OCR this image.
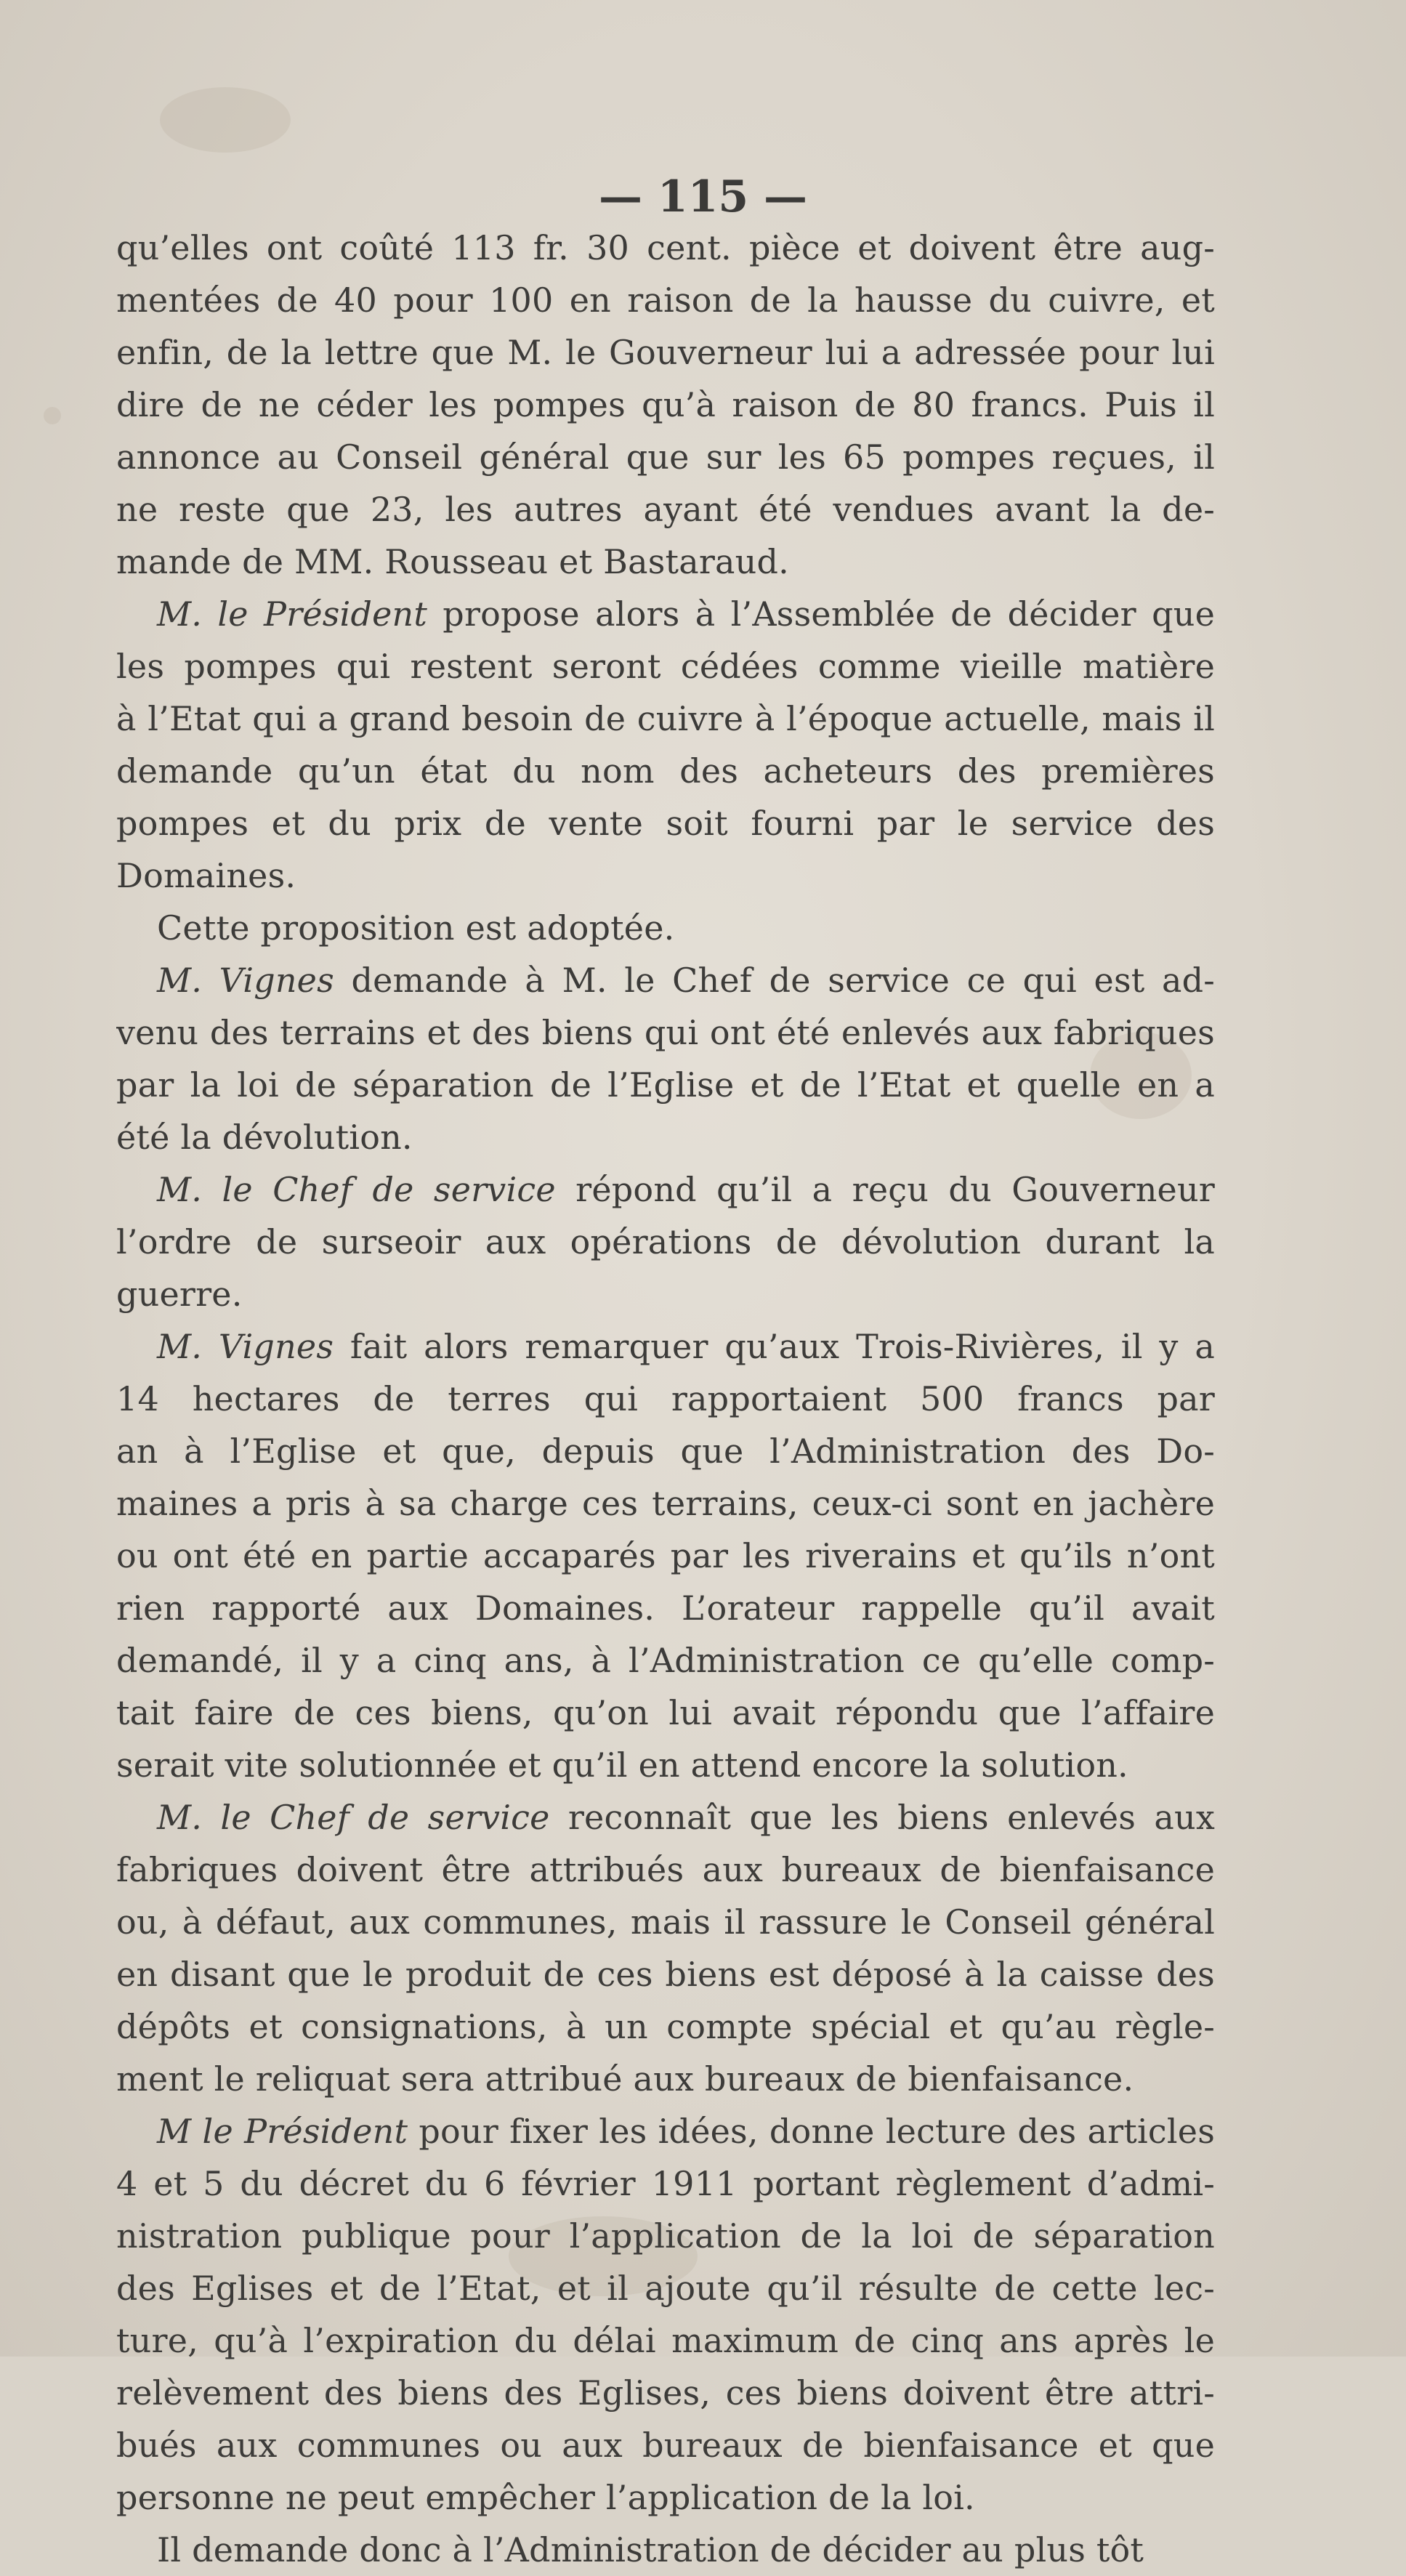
— 115 —
qu’elles ont coûté 113 fr. 30 cent. pièce et doivent être aug-
mentées de 40 pour 100 en raison de la hausse du cuivre, et
enfin, de la lettre que M. le Gouverneur lui a adressée pour lui
dire de ne céder les pompes qu’à raison de 80 francs. Puis il
annonce au Conseil général que sur les 65 pompes reçues, il
ne reste que 23, les autres ayant été vendues avant la de-
mande de MM. Rousseau et Bastaraud.
M. le Président propose alors à l’Assemblée de décider que
les pompes qui restent seront cédées comme vieille matière
à l’Etat qui a grand besoin de cuivre à l’époque actuelle, mais il
demande qu’un état du nom des acheteurs des premières
pompes et du prix de vente soit fourni par le service des
Domaines.
Cette proposition est adoptée.
M. Vignes demande à M. le Chef de service ce qui est ad-
venu des terrains et des biens qui ont été enlevés aux fabriques
par la loi de séparation de l’Eglise et de l’Etat et quelle en a
été la dévolution.
M. le Chef de service répond qu’il a reçu du Gouverneur
l’ordre de surseoir aux opérations de dévolution durant la
guerre.
M. Vignes fait alors remarquer qu’aux Trois-Rivières, il y a
14 hectares de terres qui rapportaient 500 francs par
an à l’Eglise et que, depuis que l’Administration des Do-
maines a pris à sa charge ces terrains, ceux-ci sont en jachère
ou ont été en partie accaparés par les riverains et qu’ils n’ont
rien rapporté aux Domaines. L’orateur rappelle qu’il avait
demandé, il y a cinq ans, à l’Administration ce qu’elle comp-
tait faire de ces biens, qu’on lui avait répondu que l’affaire
serait vite solutionnée et qu’il en attend encore la solution.
M. le Chef de service reconnaît que les biens enlevés aux
fabriques doivent être attribués aux bureaux de bienfaisance
ou, à défaut, aux communes, mais il rassure le Conseil général
en disant que le produit de ces biens est déposé à la caisse des
dépôts et consignations, à un compte spécial et qu’au règle-
ment le reliquat sera attribué aux bureaux de bienfaisance.
M le Président pour fixer les idées, donne lecture des articles
4 et 5 du décret du 6 février 1911 portant règlement d’admi-
nistration publique pour l’application de la loi de séparation
des Eglises et de l’Etat, et il ajoute qu’il résulte de cette lec-
ture, qu’à l’expiration du délai maximum de cinq ans après le
relèvement des biens des Eglises, ces biens doivent être attri-
bués aux communes ou aux bureaux de bienfaisance et que
personne ne peut empêcher l’application de la loi.
Il demande donc à l’Administration de décider au plus tôt
